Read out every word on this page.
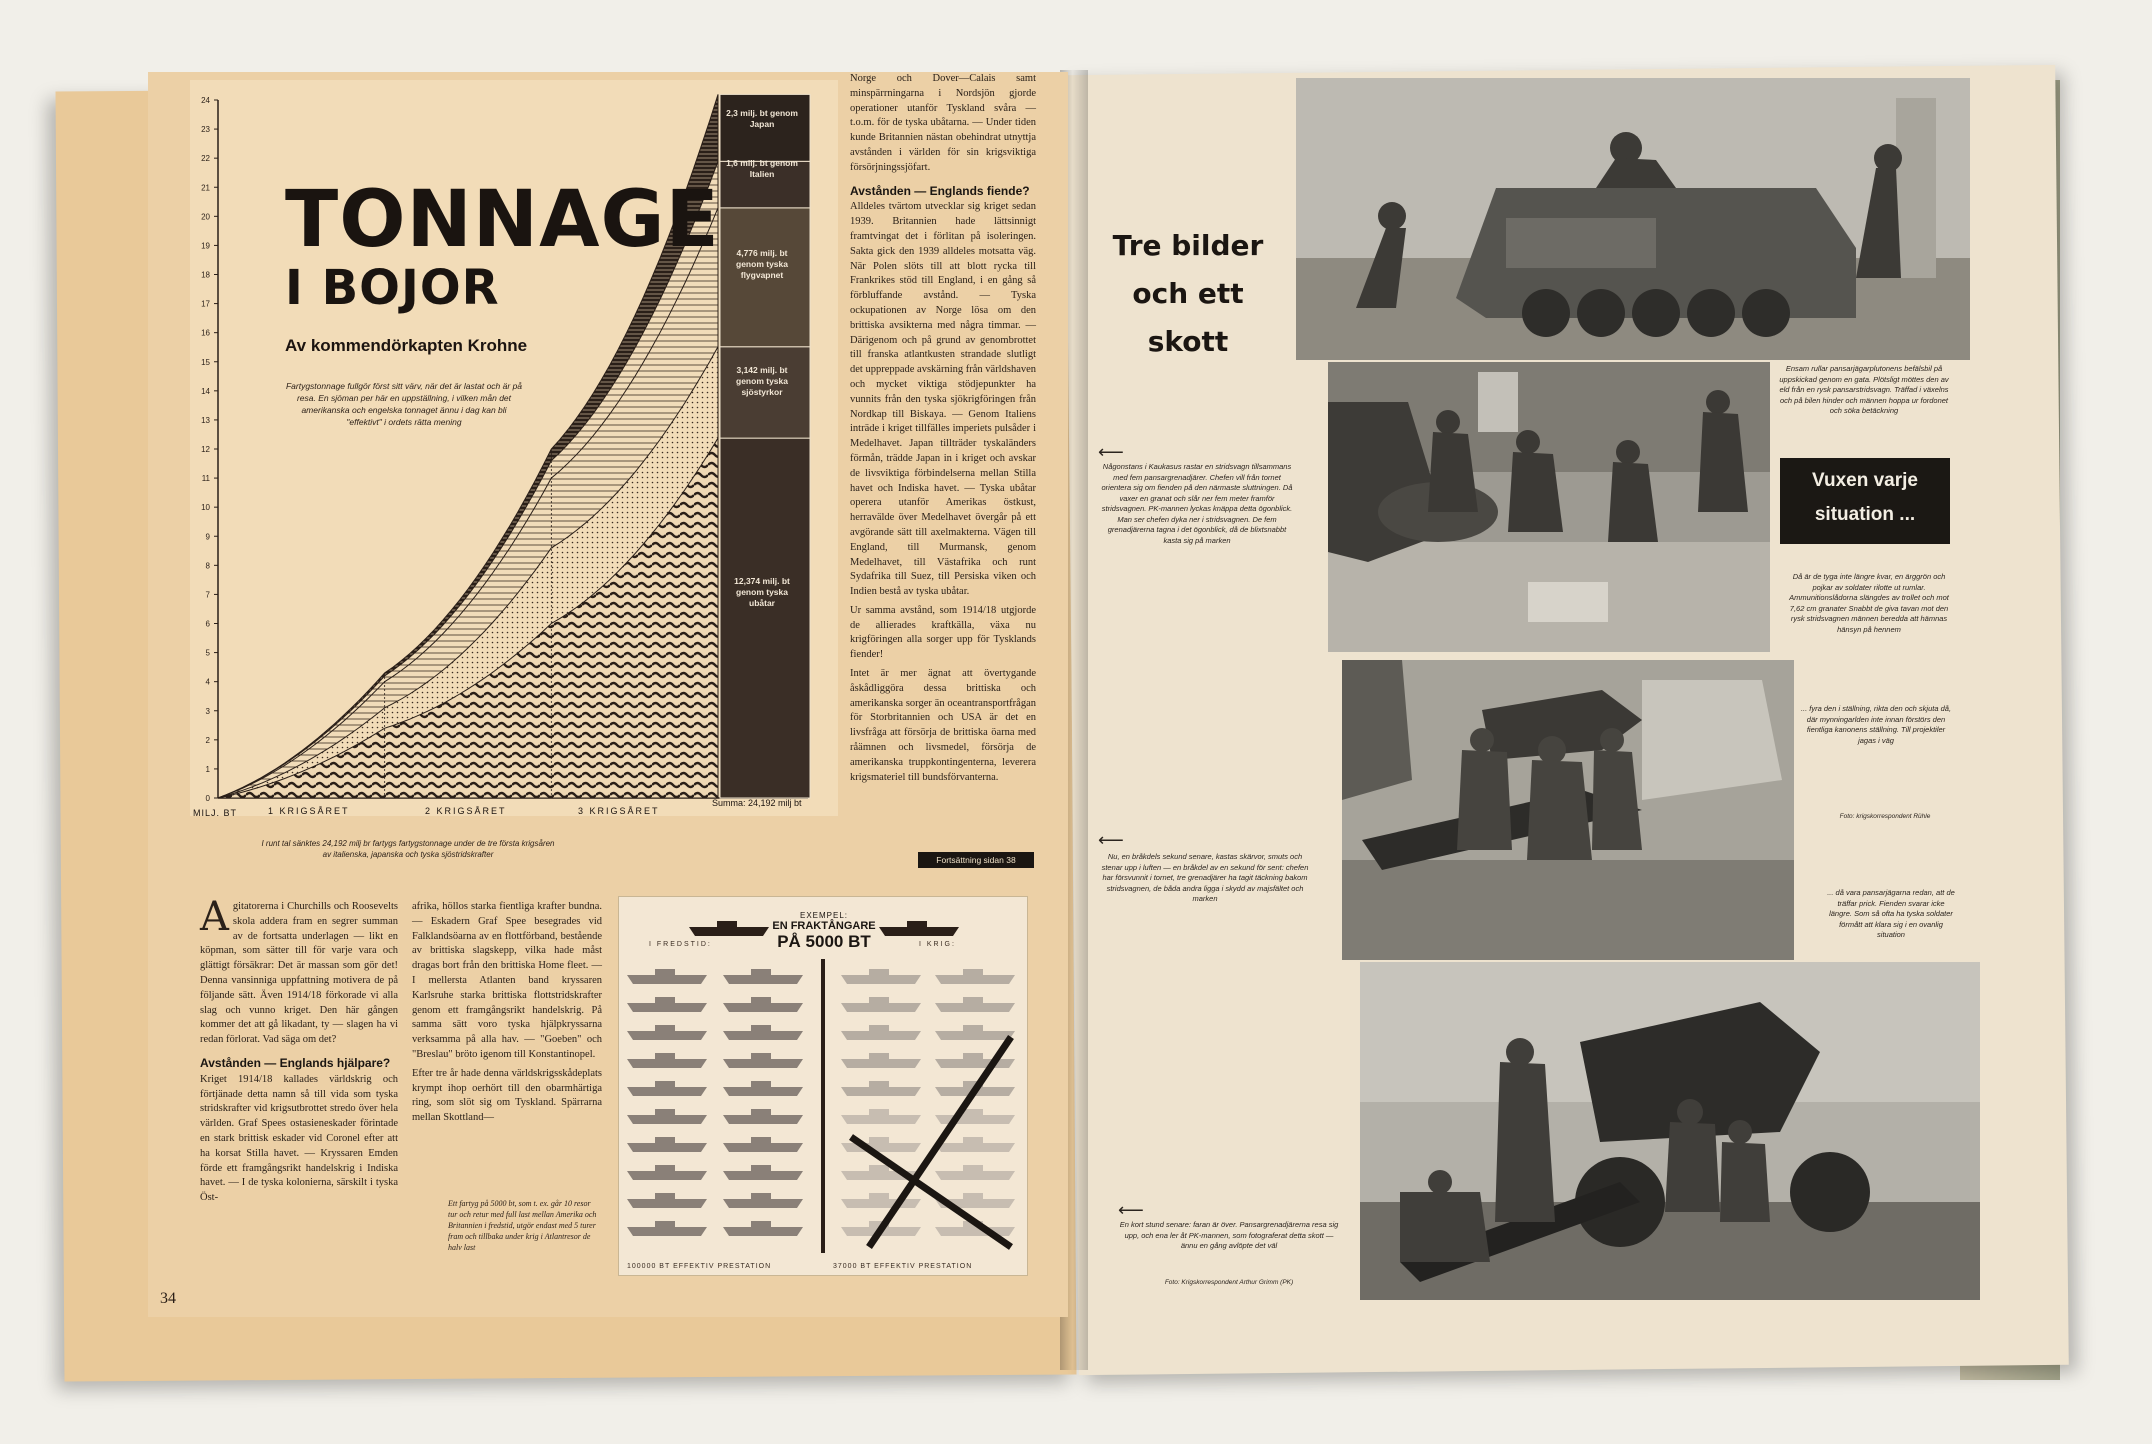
0
1
2
3
4
5
6
7
8
9
10
11
12
13
14
15
16
17
18
19
20
21
22
23
24
TONNAGE
I BOJOR
Av kommendörkapten Krohne
Fartygstonnage fullgör först sitt värv, när det är lastat och är på resa. En sjöman per här en uppställning, i vilken mån det amerikanska och engelska tonnaget ännu i dag kan bli "effektivt" i ordets rätta mening
MILJ. BT	1 KRIGSÅRET	2 KRIGSÅRET	3 KRIGSÅRET
Summa: 24,192 milj bt
2,3 milj. bt genom Japan
1,6 milj. bt genom Italien
4,776 milj. bt genom tyska flygvapnet
3,142 milj. bt genom tyska sjöstyrkor
12,374 milj. bt genom tyska ubåtar
I runt tal sänktes 24,192 milj br fartygs fartygstonnage under de tre första krigsåren av italienska, japanska och tyska sjöstridskrafter
Fortsättning sidan 38

Agitatorerna i Churchills och Roosevelts skola addera fram en segrer summan av de fortsatta underlagen — likt en köpman, som sätter till för varje vara och glättigt försäkrar: Det är massan som gör det! Denna vansinniga uppfattning motivera de på följande sätt. Även 1914/18 förkorade vi alla slag och vunno kriget. Den här gången kommer det att gå likadant, ty — slagen ha vi redan förlorat. Vad säga om det?

Avstånden — Englands hjälpare?

Kriget 1914/18 kallades världskrig och förtjänade detta namn så till vida som tyska stridskrafter vid krigsutbrottet stredo över hela världen. Graf Spees ostasieneskader förintade en stark brittisk eskader vid Coronel efter att ha korsat Stilla havet. — Kryssaren Emden förde ett framgångsrikt handelskrig i Indiska havet. — I de tyska kolonierna, särskilt i tyska Öst-

afrika, höllos starka fientliga krafter bundna. — Eskadern Graf Spee besegrades vid Falklandsöarna av en flottförband, bestående av brittiska slagskepp, vilka hade måst dragas bort från den brittiska Home fleet. — I mellersta Atlanten band kryssaren Karlsruhe starka brittiska flottstridskrafter genom ett framgångsrikt handelskrig. På samma sätt voro tyska hjälpkryssarna verksamma på alla hav. — "Goeben" och "Breslau" bröto igenom till Konstantinopel.

Efter tre år hade denna världskrigsskådeplats krympt ihop oerhört till den obarmhärtiga ring, som slöt sig om Tyskland. Spärrarna mellan Skottland—

Ett fartyg på 5000 bt, som t. ex. går 10 resor tur och retur med full last mellan Amerika och Britannien i fredstid, utgör endast med 5 turer fram och tillbaka under krig i Atlantresor de halv last

Norge och Dover—Calais samt minspärrningarna i Nordsjön gjorde operationer utanför Tyskland svåra — t.o.m. för de tyska ubåtarna. — Under tiden kunde Britannien nästan obehindrat utnyttja avstånden i världen för sin krigsviktiga försörjningssjöfart.

Avstånden — Englands fiende?

Alldeles tvärtom utvecklar sig kriget sedan 1939. Britannien hade lättsinnigt framtvingat det i förlitan på isoleringen. Sakta gick den 1939 alldeles motsatta väg. När Polen slöts till att blott rycka till Frankrikes stöd till England, i en gång så förbluffande avstånd. — Tyska ockupationen av Norge lösa om den brittiska avsikterna med några timmar. — Därigenom och på grund av genombrottet till franska atlantkusten strandade slutligt det uppreppade avskärning från världshaven och mycket viktiga stödjepunkter ha vunnits från den tyska sjökrigföringen från Nordkap till Biskaya. — Genom Italiens inträde i kriget tillfälles imperiets pulsåder i Medelhavet. Japan tillträder tyskaländers förmån, trädde Japan in i kriget och avskar de livsviktiga förbindelserna mellan Stilla havet och Indiska havet. — Tyska ubåtar operera utanför Amerikas östkust, herravälde över Medelhavet övergår på ett avgörande sätt till axelmakterna. Vägen till England, till Murmansk, genom Medelhavet, till Västafrika och runt Sydafrika till Suez, till Persiska viken och Indien bestå av tyska ubåtar.

Ur samma avstånd, som 1914/18 utgjorde de allierades kraftkälla, växa nu krigföringen alla sorger upp för Tysklands fiender!

Intet är mer ägnat att övertygande åskådliggöra dessa brittiska och amerikanska sorger än oceantransportfrågan för Storbritannien och USA är det en livsfråga att försörja de brittiska öarna med råämnen och livsmedel, försörja de amerikanska truppkontingenterna, leverera krigsmateriel till bundsförvanterna.

34
EXEMPEL:
EN FRAKTÅNGARE
PÅ 5000 BT
I FREDSTID:	I KRIG:
100000 BT EFFEKTIV PRESTATION	37000 BT EFFEKTIV PRESTATION
Tre bilder
och ett skott
⟵
Någonstans i Kaukasus rastar en stridsvagn tillsammans med fem pansargrenadjärer. Chefen vill från tornet orientera sig om fienden på den närmaste sluttningen. Då vaxer en granat och slår ner fem meter framför stridsvagnen. PK-mannen lyckas knäppa detta ögonblick. Man ser chefen dyka ner i stridsvagnen. De fem grenadjärerna tagna i det ögonblick, då de blixtsnabbt kasta sig på marken
⟵
Nu, en bråkdels sekund senare, kastas skärvor, smuts och stenar upp i luften — en bråkdel av en sekund för sent: chefen har försvunnit i tornet, tre grenadjärer ha tagit täckning bakom stridsvagnen, de båda andra ligga i skydd av majsfältet och marken
⟵
En kort stund senare: faran är över. Pansargrenadjärerna resa sig upp, och ena ler åt PK-mannen, som fotograferat detta skott — ännu en gång avlöpte det väl
Foto: Krigskorrespondent Arthur Grimm (PK)
Ensam rullar pansarjägarplutonens befälsbil på uppskickad genom en gata. Plötsligt möttes den av eld från en rysk pansarstridsvagn. Träffad i växelns och på bilen hinder och männen hoppa ur fordonet och söka betäckning
Vuxen varje
situation ...
Då är de tyga inte längre kvar, en ärggrön och pojkar av soldater rilotte ut rumlar. Ammunitionslådorna slängdes av trollet och mot 7,62 cm granater Snabbt de giva tavan mot den rysk stridsvagnen männen beredda att hämnas hänsyn på hennem
... fyra den i ställning, rikta den och skjuta då, där mynningarlden inte innan förstörs den fientliga kanonens ställning. Till projektiler jagas i väg
Foto: krigskorrespondent Rühle
... då vara pansarjägarna redan, att de träffar prick. Fienden svarar icke längre. Som så ofta ha tyska soldater förmått att klara sig i en ovanlig situation
